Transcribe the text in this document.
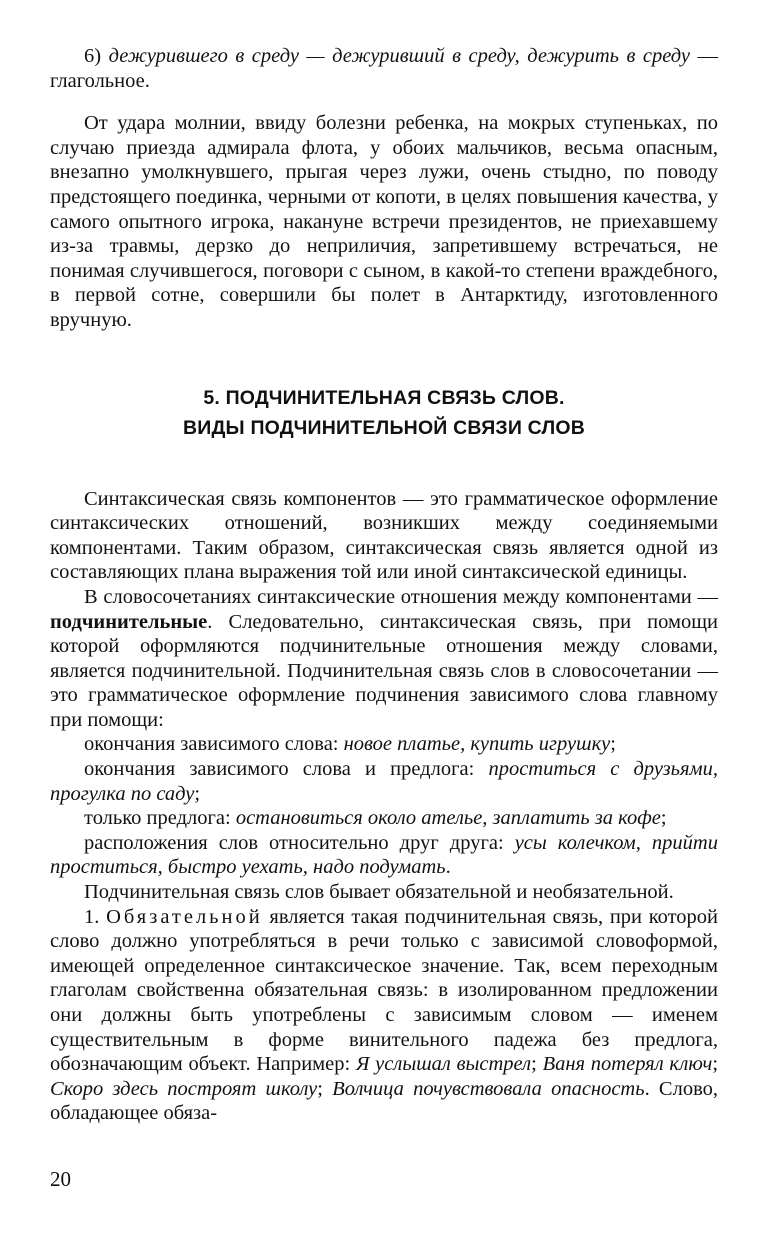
6) дежурившего в среду — дежуривший в среду, дежурить в среду — глагольное.

От удара молнии, ввиду болезни ребенка, на мокрых ступеньках, по случаю приезда адмирала флота, у обоих мальчиков, весьма опасным, внезапно умолкнувшего, прыгая через лужи, очень стыдно, по поводу предстоящего поединка, черными от копоти, в целях повышения качества, у самого опытного игрока, накануне встречи президентов, не приехавшему из-за травмы, дерзко до неприличия, запретившему встречаться, не понимая случившегося, поговори с сыном, в какой-то степени враждебного, в первой сотне, совершили бы полет в Антарктиду, изготовленного вручную.

5. ПОДЧИНИТЕЛЬНАЯ СВЯЗЬ СЛОВ.
ВИДЫ ПОДЧИНИТЕЛЬНОЙ СВЯЗИ СЛОВ

Синтаксическая связь компонентов — это грамматическое оформление синтаксических отношений, возникших между соединяемыми компонентами. Таким образом, синтаксическая связь является одной из составляющих плана выражения той или иной синтаксической единицы.

В словосочетаниях синтаксические отношения между компонентами — подчинительные. Следовательно, синтаксическая связь, при помощи которой оформляются подчинительные отношения между словами, является подчинительной. Подчинительная связь слов в словосочетании — это грамматическое оформление подчинения зависимого слова главному при помощи:

окончания зависимого слова: новое платье, купить игрушку;

окончания зависимого слова и предлога: проститься с друзьями, прогулка по саду;

только предлога: остановиться около ателье, заплатить за кофе;

расположения слов относительно друг друга: усы колечком, прийти проститься, быстро уехать, надо подумать.

Подчинительная связь слов бывает обязательной и необязательной.

1. Обязательной является такая подчинительная связь, при которой слово должно употребляться в речи только с зависимой словоформой, имеющей определенное синтаксическое значение. Так, всем переходным глаголам свойственна обязательная связь: в изолированном предложении они должны быть употреблены с зависимым словом — именем существительным в форме винительного падежа без предлога, обозначающим объект. Например: Я услышал выстрел; Ваня потерял ключ; Скоро здесь построят школу; Волчица почувствовала опасность. Слово, обладающее обяза-

20
